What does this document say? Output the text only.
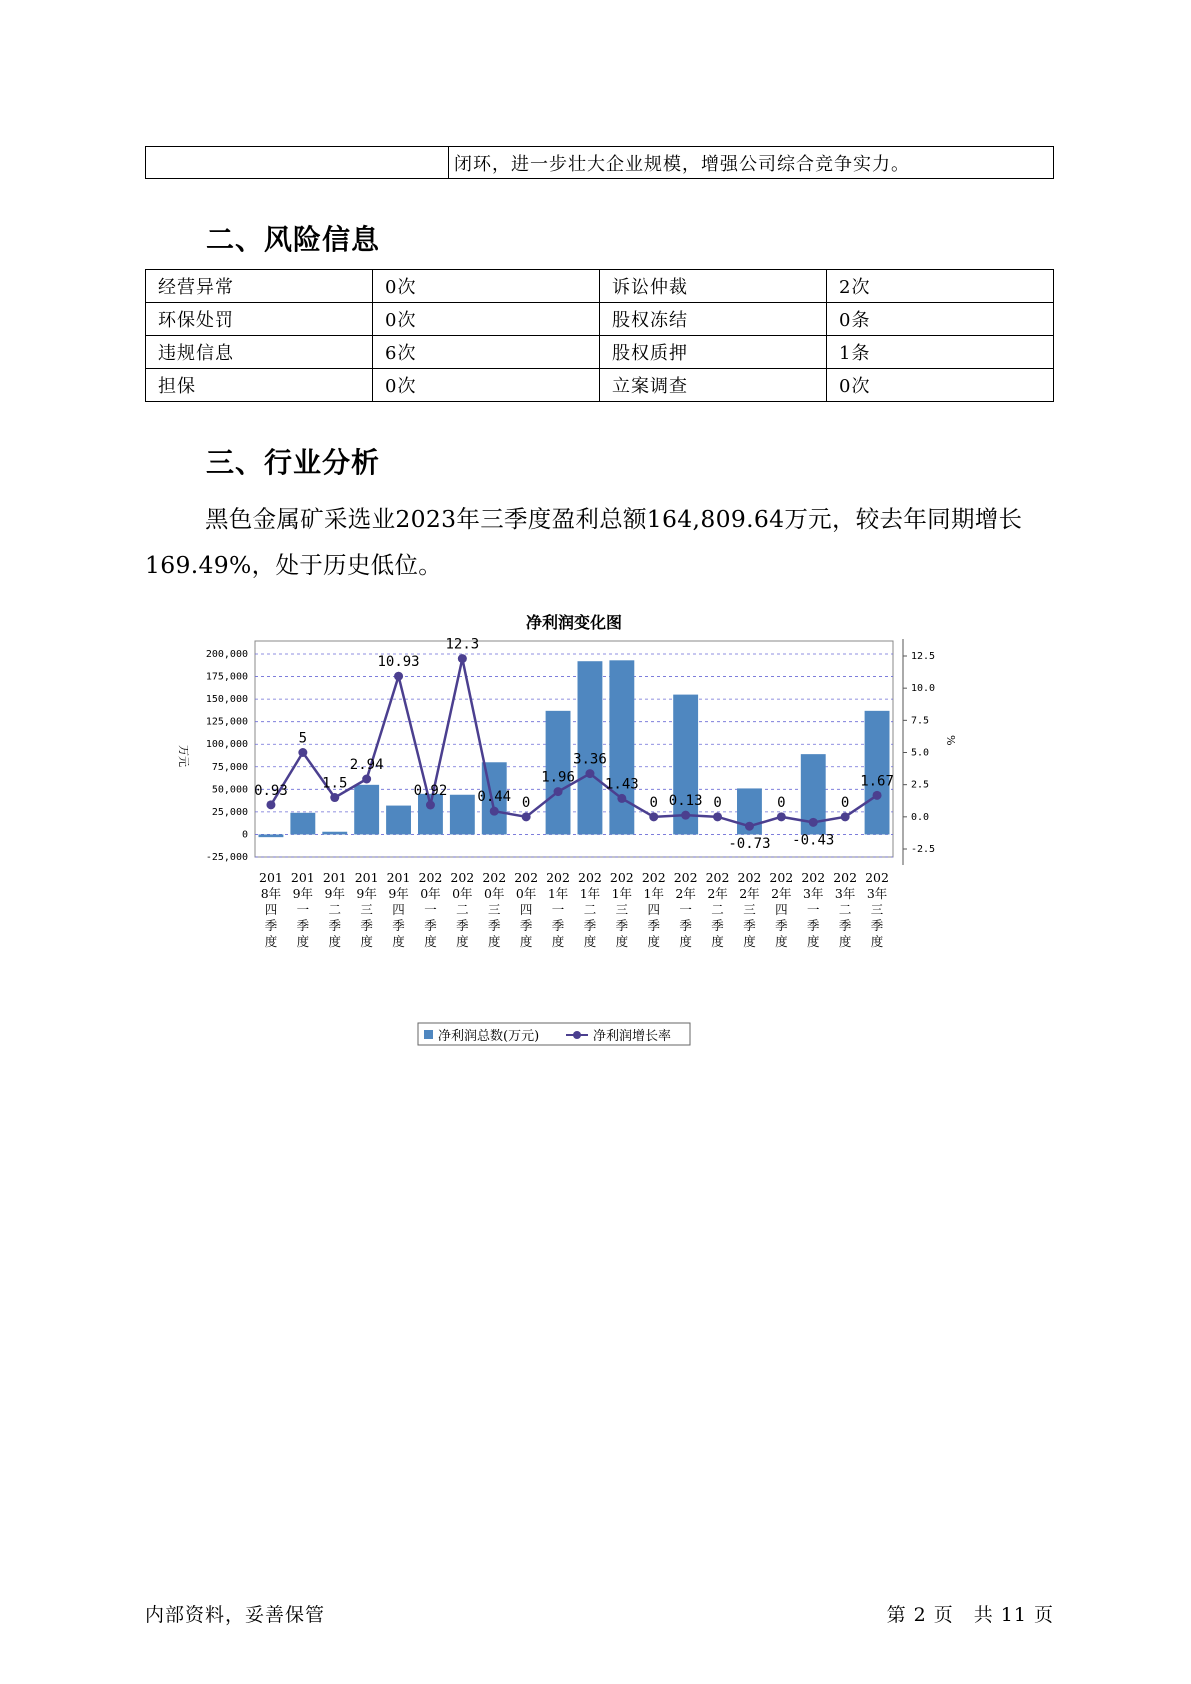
	闭环，进一步壮大企业规模，增强公司综合竞争实力。
二、风险信息
经营异常	0次	诉讼仲裁	2次
环保处罚	0次	股权冻结	0条
违规信息	6次	股权质押	1条
担保	0次	立案调查	0次
三、行业分析

黑色金属矿采选业2023年三季度盈利总额164,809.64万元，较去年同期增长169.49%，处于历史低位。

净利润变化图
-25,000
0
25,000
50,000
75,000
100,000
125,000
150,000
175,000
200,000
-2.5
0.0
2.5
5.0
7.5
10.0
12.5
万元
%
0.93
5
1.5
2.94
10.93
0.92
12.3
0.44 0
1.96
3.36
1.43
0 0.13 0
-0.73
0
-0.43
0
1.67
201
8年
四
季
度
201
9年
一
季
度
201
9年
二
季
度
201
9年
三
季
度
201
9年
四
季
度
202
0年
一
季
度
202
0年
二
季
度
202
0年
三
季
度
202
0年
四
季
度
202
1年
一
季
度
202
1年
二
季
度
202
1年
三
季
度
202
1年
四
季
度
202
2年
一
季
度
202
2年
二
季
度
202
2年
三
季
度
202
2年
四
季
度
202
3年
一
季
度
202
3年
二
季
度
202
3年
三
季
度
净利润总数(万元)	净利润增长率
内部资料，妥善保管	第 2 页　共 11 页
